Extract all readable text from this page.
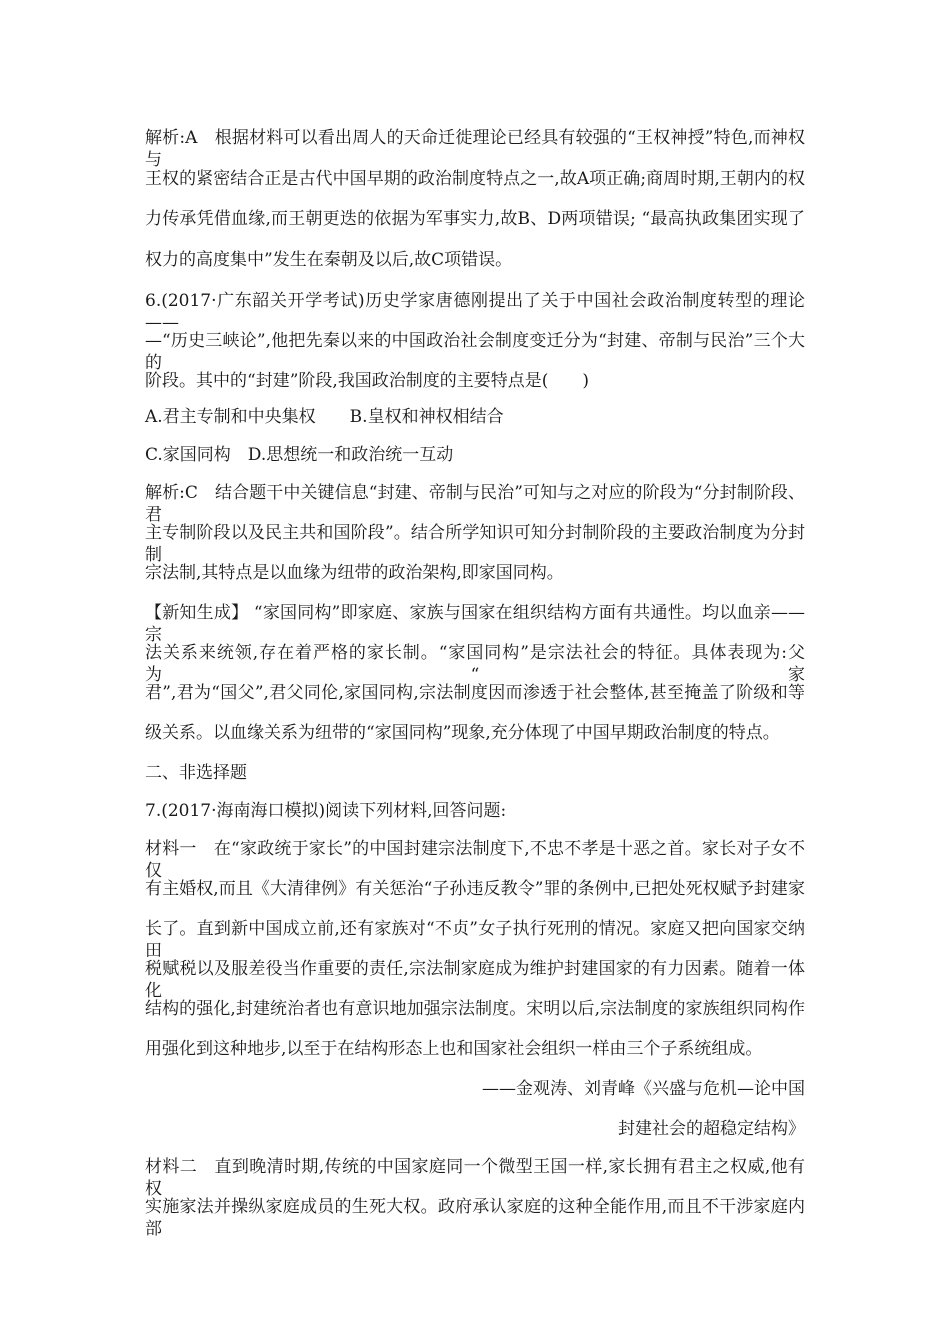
解析:A　根据材料可以看出周人的天命迁徙理论已经具有较强的“王权神授”特色,而神权与
王权的紧密结合正是古代中国早期的政治制度特点之一,故A项正确;商周时期,王朝内的权
力传承凭借血缘,而王朝更迭的依据为军事实力,故B、D两项错误; “最高执政集团实现了
权力的高度集中”发生在秦朝及以后,故C项错误。
6.(2017·广东韶关开学考试)历史学家唐德刚提出了关于中国社会政治制度转型的理论——
—“历史三峡论”,他把先秦以来的中国政治社会制度变迁分为“封建、帝制与民治”三个大的
阶段。其中的“封建”阶段,我国政治制度的主要特点是(　　)
A.君主专制和中央集权　　B.皇权和神权相结合
C.家国同构　D.思想统一和政治统一互动
解析:C　结合题干中关键信息“封建、帝制与民治”可知与之对应的阶段为“分封制阶段、君
主专制阶段以及民主共和国阶段”。结合所学知识可知分封制阶段的主要政治制度为分封制
宗法制,其特点是以血缘为纽带的政治架构,即家国同构。
【新知生成】 “家国同构”即家庭、家族与国家在组织结构方面有共通性。均以血亲——宗
法关系来统领,存在着严格的家长制。“家国同构”是宗法社会的特征。具体表现为:父为“家
君”,君为“国父”,君父同伦,家国同构,宗法制度因而渗透于社会整体,甚至掩盖了阶级和等
级关系。以血缘关系为纽带的“家国同构”现象,充分体现了中国早期政治制度的特点。
二、非选择题
7.(2017·海南海口模拟)阅读下列材料,回答问题:
材料一　在“家政统于家长”的中国封建宗法制度下,不忠不孝是十恶之首。家长对子女不仅
有主婚权,而且《大清律例》有关惩治“子孙违反教令”罪的条例中,已把处死权赋予封建家
长了。直到新中国成立前,还有家族对“不贞”女子执行死刑的情况。家庭又把向国家交纳田
税赋税以及服差役当作重要的责任,宗法制家庭成为维护封建国家的有力因素。随着一体化
结构的强化,封建统治者也有意识地加强宗法制度。宋明以后,宗法制度的家族组织同构作
用强化到这种地步,以至于在结构形态上也和国家社会组织一样由三个子系统组成。
——金观涛、刘青峰《兴盛与危机—论中国
封建社会的超稳定结构》
材料二　直到晚清时期,传统的中国家庭同一个微型王国一样,家长拥有君主之权威,他有权
实施家法并操纵家庭成员的生死大权。政府承认家庭的这种全能作用,而且不干涉家庭内部
